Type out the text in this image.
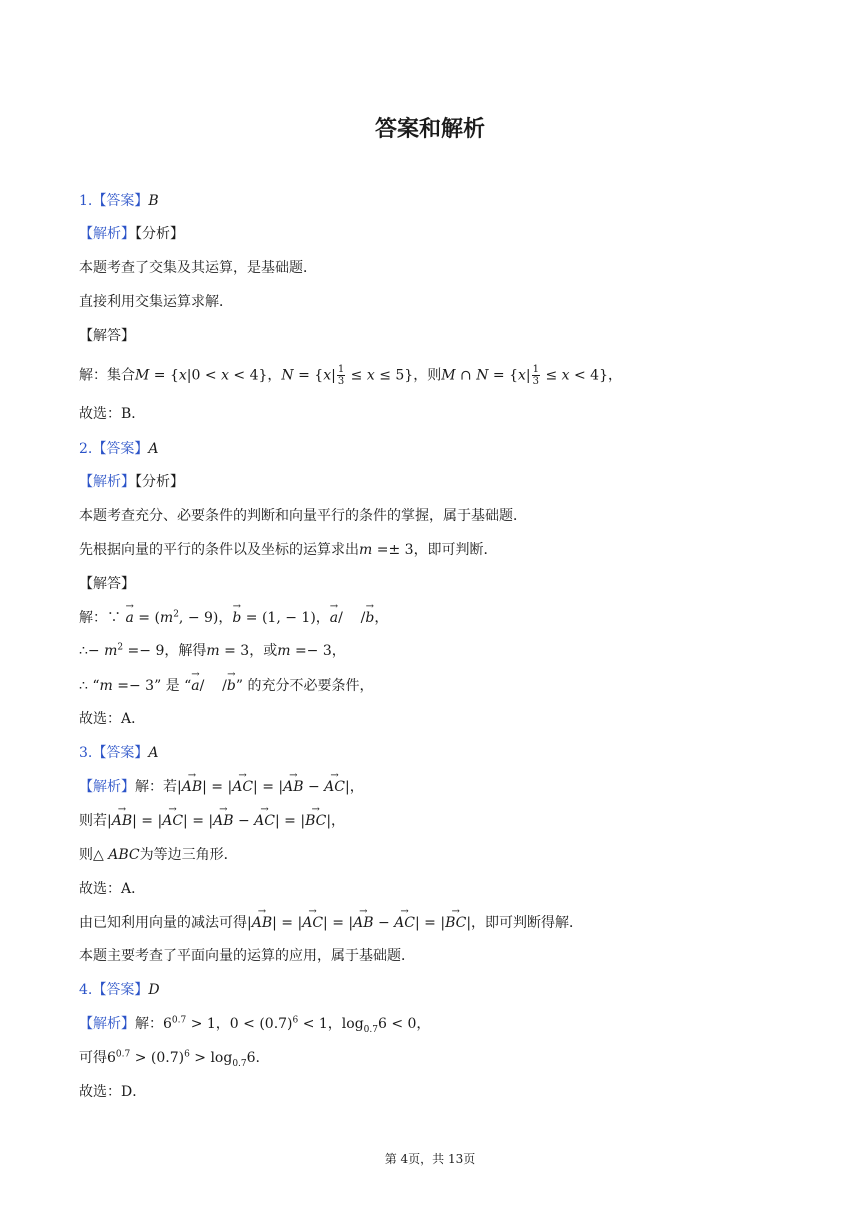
答案和解析
1.【答案】B
【解析】【分析】
本题考查了交集及其运算，是基础题．
直接利用交集运算求解．
【解答】
解：集合M = {x|0 < x < 4}，$N = \{x| \frac{1}{3} \le x \le 5\}$，则M ∩ $N = \{x| \frac{1}{3} \le x < 4\}$，
故选：B．
2.【答案】A
【解析】【分析】
本题考查充分、必要条件的判断和向量平行的条件的掌握，属于基础题．
先根据向量的平行的条件以及坐标的运算求出m =± 3，即可判断．
【解答】
解：∵ → $a = (m^2$, − 9)，→ b = (1, − 1)，→ a/    /→ b，
∴− $m^2 =- 9$，解得m = 3，或m =− 3，
∴ “m =− 3” 是 “→ a/    /→ b” 的充分不必要条件，
故选：A．
3.【答案】A
【解析】解：若|→ AB| = |→ AC| = |→ AB − → AC|，
则若|→ AB| = |→ AC| = |→ AB − → AC| = |→ BC|，
则△ ABC为等边三角形．
故选：A．
由已知利用向量的减法可得|→ AB| = |→ AC| = |→ AB − → AC| = |→ BC|，即可判断得解．
本题主要考查了平面向量的运算的应用，属于基础题．
4.【答案】D
【解析】解：$6^{0.7} > 1$，$0 < (0.7)^6 < 1$，$\log_{0.7}6 < 0$，
可得$6^{0.7} > (0.7)^6 > \log_{0.7}6$.
故选：D．
第 4页，共 13页
